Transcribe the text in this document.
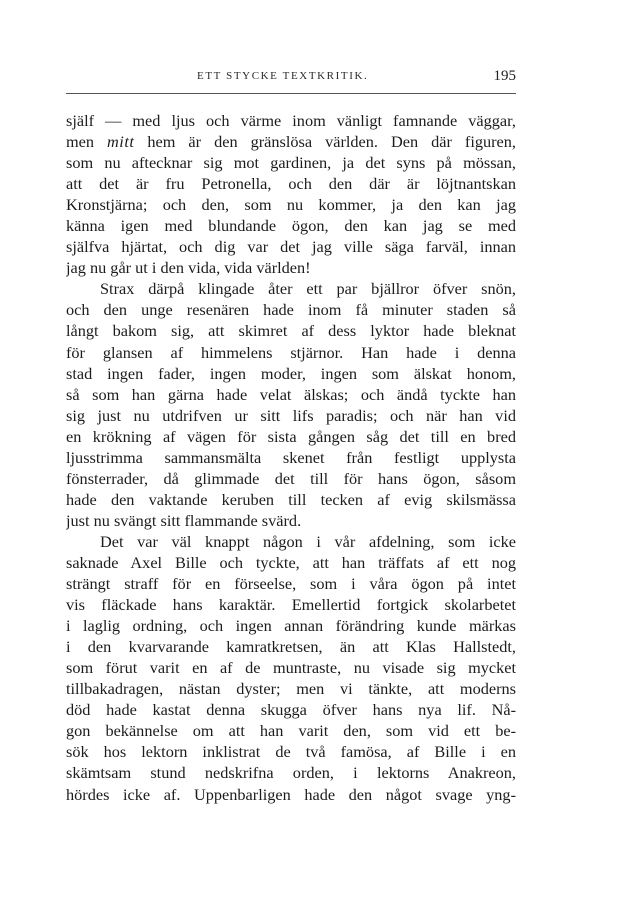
ETT STYCKE TEXTKRITIK.	195
själf — med ljus och värme inom vänligt famnande väggar,
men mitt hem är den gränslösa världen. Den där figuren,
som nu aftecknar sig mot gardinen, ja det syns på mössan,
att det är fru Petronella, och den där är löjtnantskan
Kronstjärna; och den, som nu kommer, ja den kan jag
känna igen med blundande ögon, den kan jag se med
själfva hjärtat, och dig var det jag ville säga farväl, innan
jag nu går ut i den vida, vida världen!
Strax därpå klingade åter ett par bjällror öfver snön,
och den unge resenären hade inom få minuter staden så
långt bakom sig, att skimret af dess lyktor hade bleknat
för glansen af himmelens stjärnor. Han hade i denna
stad ingen fader, ingen moder, ingen som älskat honom,
så som han gärna hade velat älskas; och ändå tyckte han
sig just nu utdrifven ur sitt lifs paradis; och när han vid
en krökning af vägen för sista gången såg det till en bred
ljusstrimma sammansmälta skenet från festligt upplysta
fönsterrader, då glimmade det till för hans ögon, såsom
hade den vaktande keruben till tecken af evig skilsmässa
just nu svängt sitt flammande svärd.
Det var väl knappt någon i vår afdelning, som icke
saknade Axel Bille och tyckte, att han träffats af ett nog
strängt straff för en förseelse, som i våra ögon på intet
vis fläckade hans karaktär. Emellertid fortgick skolarbetet
i laglig ordning, och ingen annan förändring kunde märkas
i den kvarvarande kamratkretsen, än att Klas Hallstedt,
som förut varit en af de muntraste, nu visade sig mycket
tillbakadragen, nästan dyster; men vi tänkte, att moderns
död hade kastat denna skugga öfver hans nya lif. Nå-
gon bekännelse om att han varit den, som vid ett be-
sök hos lektorn inklistrat de två famösa, af Bille i en
skämtsam stund nedskrifna orden, i lektorns Anakreon,
hördes icke af. Uppenbarligen hade den något svage yng-
